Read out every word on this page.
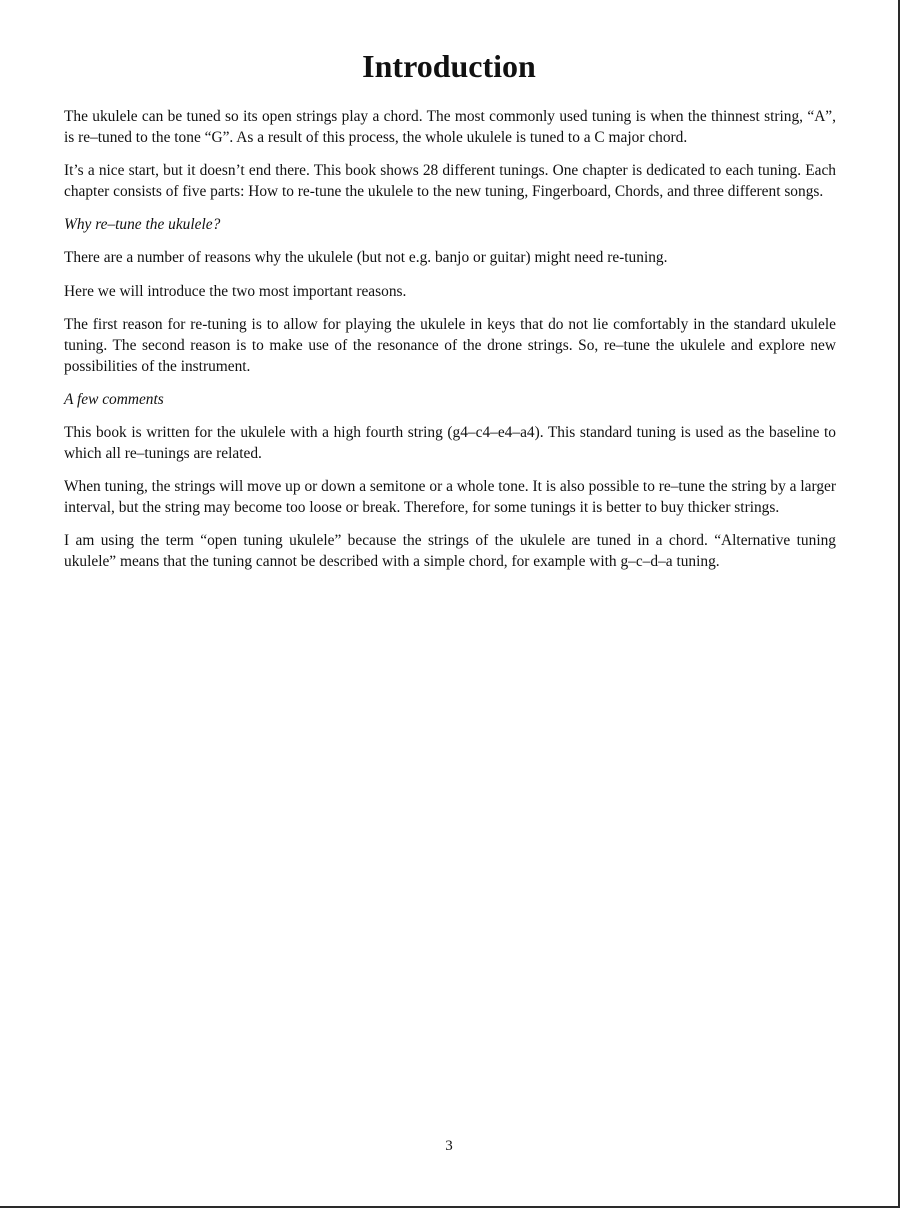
Introduction

The ukulele can be tuned so its open strings play a chord. The most commonly used tuning is when the thinnest string, “A”, is re–tuned to the tone “G”. As a result of this process, the whole ukulele is tuned to a C major chord.

It’s a nice start, but it doesn’t end there. This book shows 28 different tunings. One chapter is dedicated to each tuning. Each chapter consists of five parts: How to re-tune the ukulele to the new tuning, Fingerboard, Chords, and three different songs.

Why re–tune the ukulele?

There are a number of reasons why the ukulele (but not e.g. banjo or guitar) might need re-tuning.

Here we will introduce the two most important reasons.

The first reason for re-tuning is to allow for playing the ukulele in keys that do not lie comfortably in the standard ukulele tuning. The second reason is to make use of the resonance of the drone strings. So, re–tune the ukulele and explore new possibilities of the instrument.

A few comments

This book is written for the ukulele with a high fourth string (g4–c4–e4–a4). This standard tuning is used as the baseline to which all re–tunings are related.

When tuning, the strings will move up or down a semitone or a whole tone. It is also possible to re–tune the string by a larger interval, but the string may become too loose or break. Therefore, for some tunings it is better to buy thicker strings.

I am using the term “open tuning ukulele” because the strings of the ukulele are tuned in a chord. “Alternative tuning ukulele” means that the tuning cannot be described with a simple chord, for example with g–c–d–a tuning.

3
